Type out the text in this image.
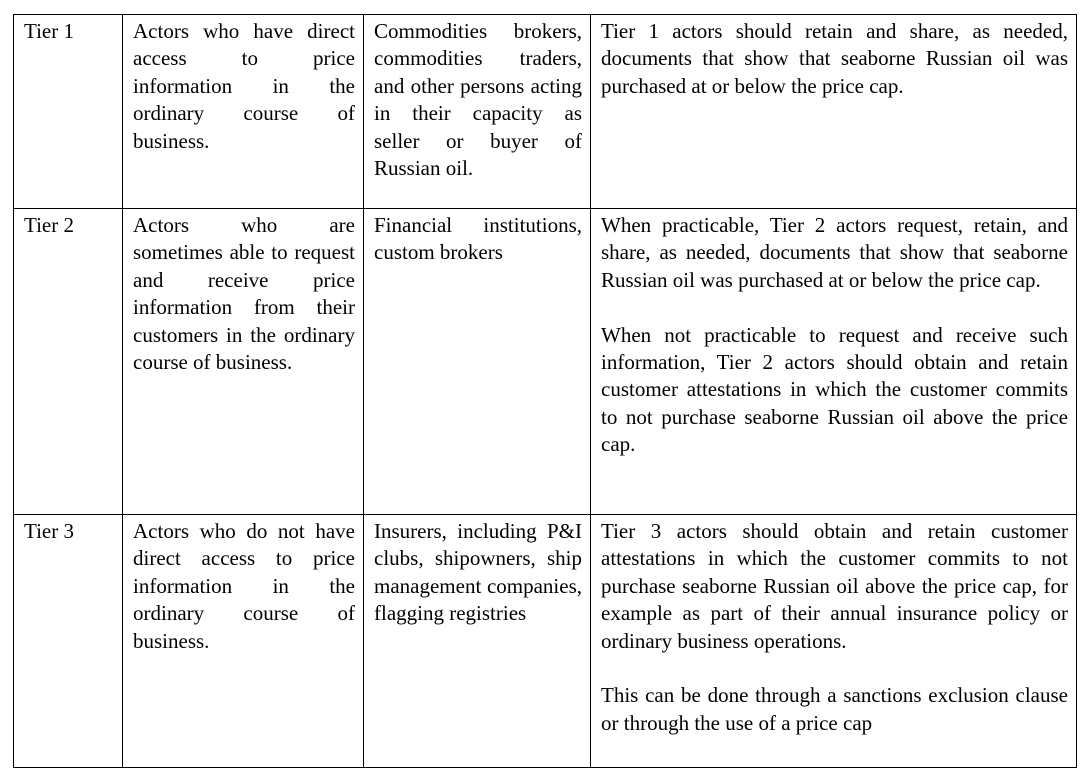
Tier 1	Actors who have direct access to price information in the ordinary course of business.	Commodities brokers, commodities traders, and other persons acting in their capacity as seller or buyer of Russian oil.	Tier 1 actors should retain and share, as needed, documents that show that seaborne Russian oil was purchased at or below the price cap.

Tier 2	Actors who are sometimes able to request and receive price information from their customers in the ordinary course of business.	Financial institutions, custom brokers	When practicable, Tier 2 actors request, retain, and share, as needed, documents that show that seaborne Russian oil was purchased at or below the price cap.

When not practicable to request and receive such information, Tier 2 actors should obtain and retain customer attestations in which the customer commits to not purchase seaborne Russian oil above the price cap.

Tier 3	Actors who do not have direct access to price information in the ordinary course of business.	Insurers, including P&I clubs, shipowners, ship management companies, flagging registries	Tier 3 actors should obtain and retain customer attestations in which the customer commits to not purchase seaborne Russian oil above the price cap, for example as part of their annual insurance policy or ordinary business operations.

This can be done through a sanctions exclusion clause or through the use of a price cap
